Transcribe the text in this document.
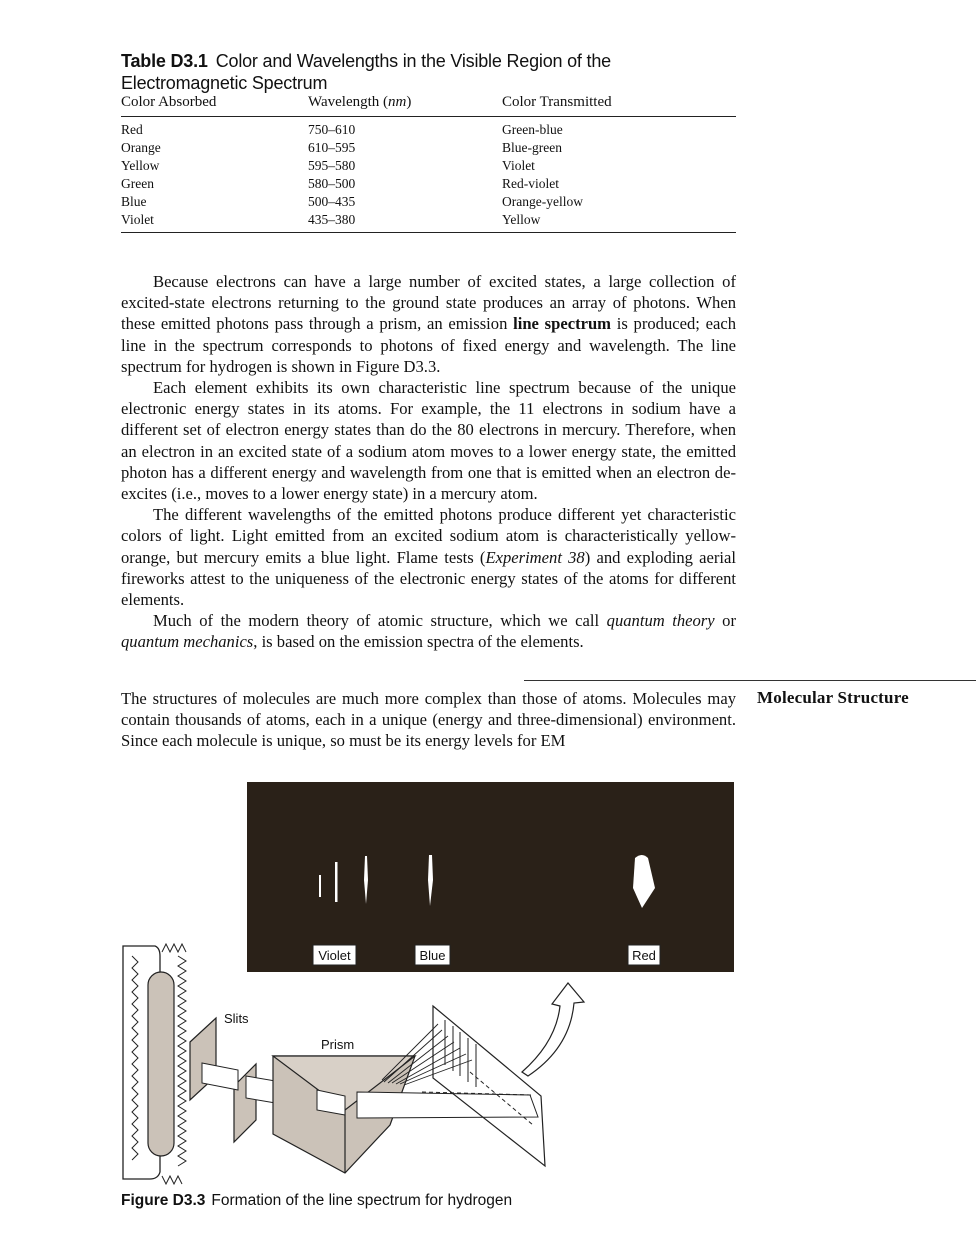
Table D3.1 Color and Wavelengths in the Visible Region of the Electromagnetic Spectrum
Color Absorbed	Wavelength (nm)	Color Transmitted
Red	750–610	Green-blue
Orange	610–595	Blue-green
Yellow	595–580	Violet
Green	580–500	Red-violet
Blue	500–435	Orange-yellow
Violet	435–380	Yellow

Because electrons can have a large number of excited states, a large collection of excited-state electrons returning to the ground state produces an array of photons. When these emitted photons pass through a prism, an emission line spectrum is produced; each line in the spectrum corresponds to photons of fixed energy and wavelength. The line spectrum for hydrogen is shown in Figure D3.3.

Each element exhibits its own characteristic line spectrum because of the unique electronic energy states in its atoms. For example, the 11 electrons in sodium have a different set of electron energy states than do the 80 electrons in mercury. Therefore, when an electron in an excited state of a sodium atom moves to a lower energy state, the emitted photon has a different energy and wavelength from one that is emitted when an electron de-excites (i.e., moves to a lower energy state) in a mercury atom.

The different wavelengths of the emitted photons produce different yet characteristic colors of light. Light emitted from an excited sodium atom is characteristically yellow-orange, but mercury emits a blue light. Flame tests (Experiment 38) and exploding aerial fireworks attest to the uniqueness of the electronic energy states of the atoms for different elements.

Much of the modern theory of atomic structure, which we call quantum theory or quantum mechanics, is based on the emission spectra of the elements.

Molecular Structure

The structures of molecules are much more complex than those of atoms. Molecules may contain thousands of atoms, each in a unique (energy and three-dimensional) environment. Since each molecule is unique, so must be its energy levels for EM

Violet	Blue	Red
Slits
Prism
Figure D3.3 Formation of the line spectrum for hydrogen
